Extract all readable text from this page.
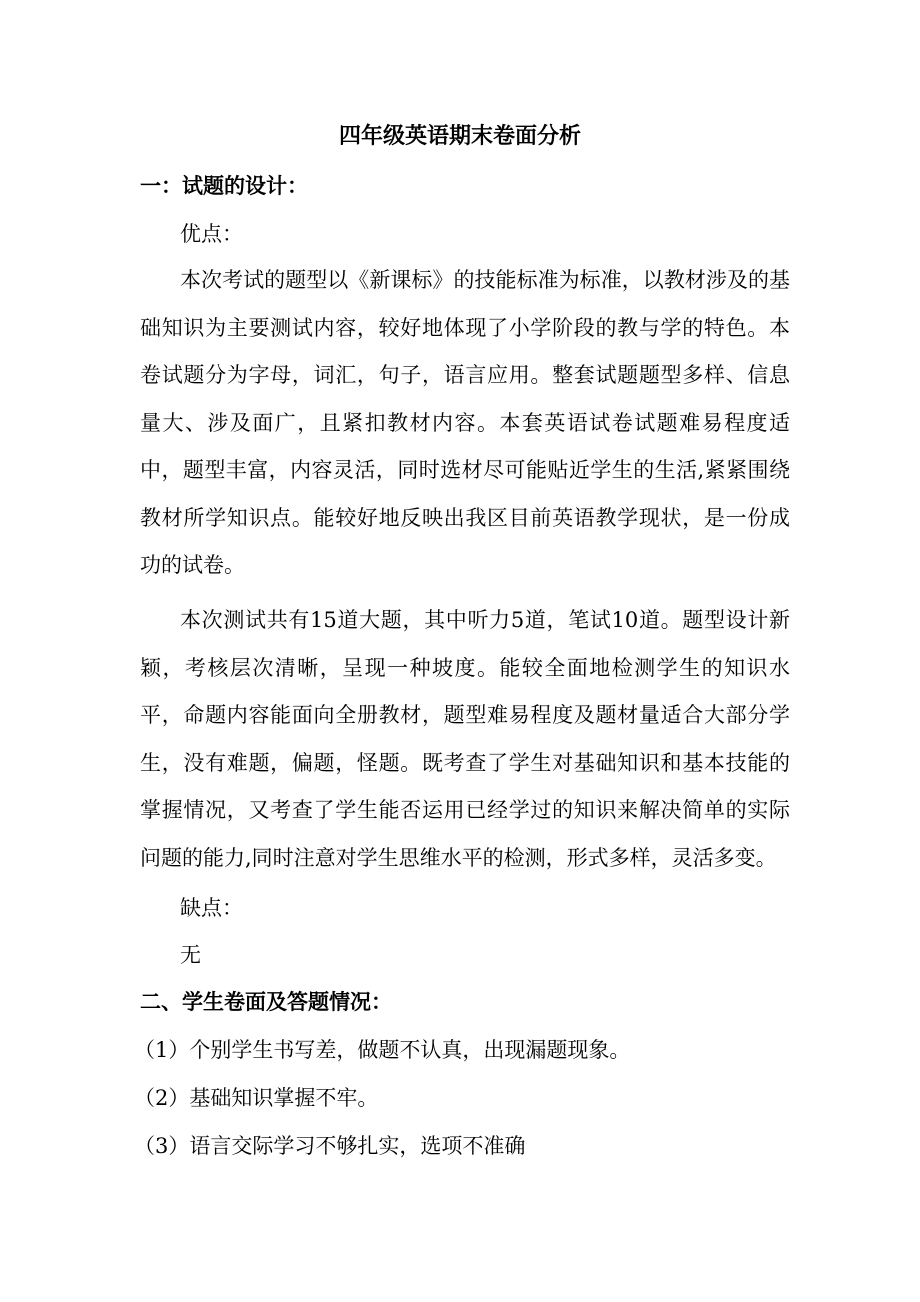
四年级英语期末卷面分析
一：试题的设计：
优点：
本次考试的题型以《新课标》的技能标准为标准，以教材涉及的基础知识为主要测试内容，较好地体现了小学阶段的教与学的特色。本卷试题分为字母，词汇，句子，语言应用。整套试题题型多样、信息量大、涉及面广，且紧扣教材内容。本套英语试卷试题难易程度适中，题型丰富，内容灵活，同时选材尽可能贴近学生的生活,紧紧围绕教材所学知识点。能较好地反映出我区目前英语教学现状，是一份成功的试卷。
本次测试共有15道大题，其中听力5道，笔试10道。题型设计新颖，考核层次清晰，呈现一种坡度。能较全面地检测学生的知识水平，命题内容能面向全册教材，题型难易程度及题材量适合大部分学生，没有难题，偏题，怪题。既考查了学生对基础知识和基本技能的掌握情况，又考查了学生能否运用已经学过的知识来解决简单的实际问题的能力,同时注意对学生思维水平的检测，形式多样，灵活多变。
缺点：
无
二、学生卷面及答题情况：
（1）个别学生书写差，做题不认真，出现漏题现象。
（2）基础知识掌握不牢。
（3）语言交际学习不够扎实，选项不准确
